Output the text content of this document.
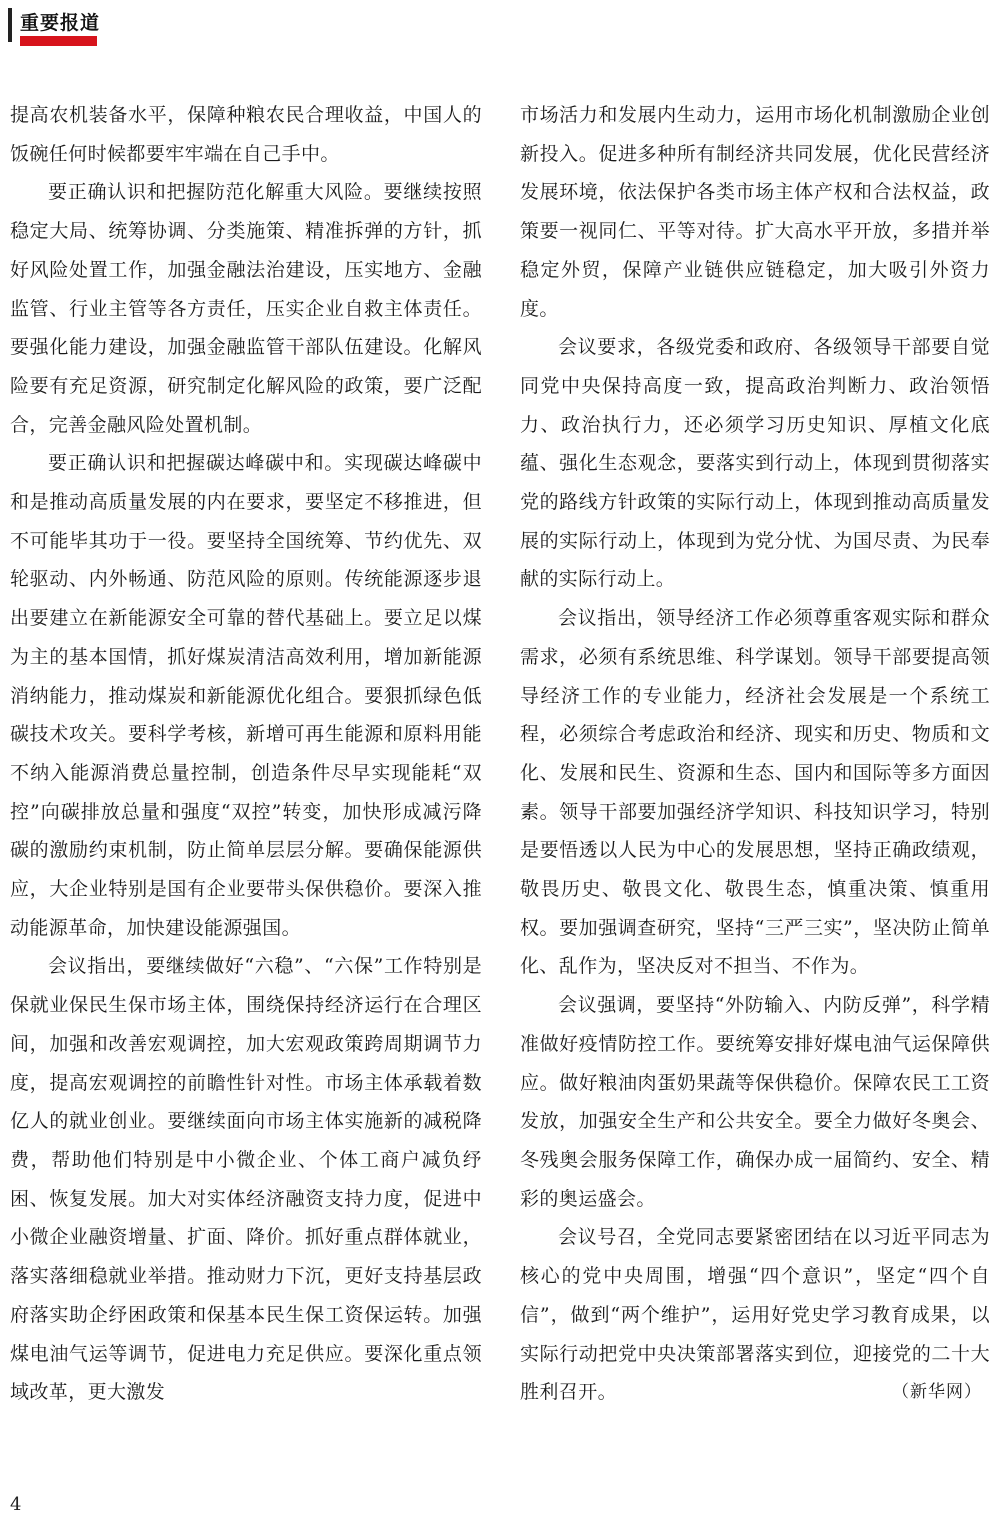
重要报道

提高农机装备水平，保障种粮农民合理收益，中国人的饭碗任何时候都要牢牢端在自己手中。

要正确认识和把握防范化解重大风险。要继续按照稳定大局、统筹协调、分类施策、精准拆弹的方针，抓好风险处置工作，加强金融法治建设，压实地方、金融监管、行业主管等各方责任，压实企业自救主体责任。要强化能力建设，加强金融监管干部队伍建设。化解风险要有充足资源，研究制定化解风险的政策，要广泛配合，完善金融风险处置机制。

要正确认识和把握碳达峰碳中和。实现碳达峰碳中和是推动高质量发展的内在要求，要坚定不移推进，但不可能毕其功于一役。要坚持全国统筹、节约优先、双轮驱动、内外畅通、防范风险的原则。传统能源逐步退出要建立在新能源安全可靠的替代基础上。要立足以煤为主的基本国情，抓好煤炭清洁高效利用，增加新能源消纳能力，推动煤炭和新能源优化组合。要狠抓绿色低碳技术攻关。要科学考核，新增可再生能源和原料用能不纳入能源消费总量控制，创造条件尽早实现能耗“双控”向碳排放总量和强度“双控”转变，加快形成减污降碳的激励约束机制，防止简单层层分解。要确保能源供应，大企业特别是国有企业要带头保供稳价。要深入推动能源革命，加快建设能源强国。

会议指出，要继续做好“六稳”、“六保”工作特别是保就业保民生保市场主体，围绕保持经济运行在合理区间，加强和改善宏观调控，加大宏观政策跨周期调节力度，提高宏观调控的前瞻性针对性。市场主体承载着数亿人的就业创业。要继续面向市场主体实施新的减税降费，帮助他们特别是中小微企业、个体工商户减负纾困、恢复发展。加大对实体经济融资支持力度，促进中小微企业融资增量、扩面、降价。抓好重点群体就业，落实落细稳就业举措。推动财力下沉，更好支持基层政府落实助企纾困政策和保基本民生保工资保运转。加强煤电油气运等调节，促进电力充足供应。要深化重点领域改革，更大激发

市场活力和发展内生动力，运用市场化机制激励企业创新投入。促进多种所有制经济共同发展，优化民营经济发展环境，依法保护各类市场主体产权和合法权益，政策要一视同仁、平等对待。扩大高水平开放，多措并举稳定外贸，保障产业链供应链稳定，加大吸引外资力度。

会议要求，各级党委和政府、各级领导干部要自觉同党中央保持高度一致，提高政治判断力、政治领悟力、政治执行力，还必须学习历史知识、厚植文化底蕴、强化生态观念，要落实到行动上，体现到贯彻落实党的路线方针政策的实际行动上，体现到推动高质量发展的实际行动上，体现到为党分忧、为国尽责、为民奉献的实际行动上。

会议指出，领导经济工作必须尊重客观实际和群众需求，必须有系统思维、科学谋划。领导干部要提高领导经济工作的专业能力，经济社会发展是一个系统工程，必须综合考虑政治和经济、现实和历史、物质和文化、发展和民生、资源和生态、国内和国际等多方面因素。领导干部要加强经济学知识、科技知识学习，特别是要悟透以人民为中心的发展思想，坚持正确政绩观，敬畏历史、敬畏文化、敬畏生态，慎重决策、慎重用权。要加强调查研究，坚持“三严三实”，坚决防止简单化、乱作为，坚决反对不担当、不作为。

会议强调，要坚持“外防输入、内防反弹”，科学精准做好疫情防控工作。要统筹安排好煤电油气运保障供应。做好粮油肉蛋奶果蔬等保供稳价。保障农民工工资发放，加强安全生产和公共安全。要全力做好冬奥会、冬残奥会服务保障工作，确保办成一届简约、安全、精彩的奥运盛会。

会议号召，全党同志要紧密团结在以习近平同志为核心的党中央周围，增强“四个意识”，坚定“四个自信”，做到“两个维护”，运用好党史学习教育成果，以实际行动把党中央决策部署落实到位，迎接党的二十大胜利召开。	（新华网）

4
